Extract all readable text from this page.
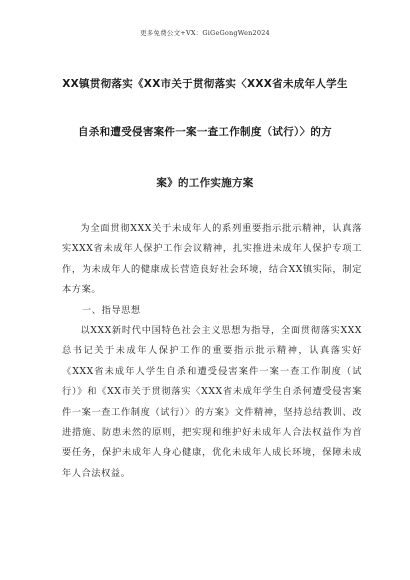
更多免费公文+VX：GiGeGongWen2024
XX镇贯彻落实《XX市关于贯彻落实〈XXX省未成年人学生
自杀和遭受侵害案件一案一查工作制度（试行）〉的方
案》的工作实施方案
为全面贯彻XXX关于未成年人的系列重要指示批示精神，认真落实XXX省未成年人保护工作会议精神，扎实推进未成年人保护专项工作，为未成年人的健康成长营造良好社会环境，结合XX镇实际，制定本方案。
一、指导思想
以XXX新时代中国特色社会主义思想为指导，全面贯彻落实XXX总书记关于未成年人保护工作的重要指示批示精神，认真落实好《XXX省未成年人学生自杀和遭受侵害案件一案一查工作制度（试行）》和《XX市关于贯彻落实〈XXX省未成年学生自杀何遭受侵害案件一案一查工作制度（试行）〉的方案》文件精神，坚持总结教训、改进措施、防患未然的原则，把实现和维护好未成年人合法权益作为首要任务，保护未成年人身心健康，优化未成年人成长环境，保障未成年人合法权益。
